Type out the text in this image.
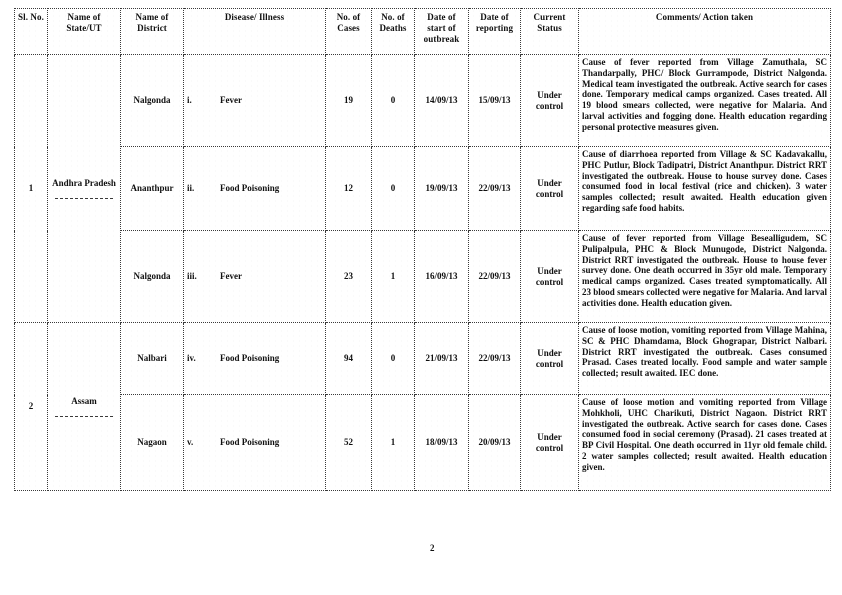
Sl. No.	Name of State/UT	Name of District	Disease/ Illness	No. of Cases	No. of Deaths	Date of start of outbreak	Date of reporting	Current Status	Comments/ Action taken
1	Andhra Pradesh	Nalgonda	i. Fever	19	0	14/09/13	15/09/13	Under control	Cause of fever reported from Village Zamuthala, SC Thandarpally, PHC/ Block Gurrampode, District Nalgonda. Medical team investigated the outbreak. Active search for cases done. Temporary medical camps organized. Cases treated. All 19 blood smears collected, were negative for Malaria. And larval activities and fogging done. Health education regarding personal protective measures given.
		Ananthpur	ii. Food Poisoning	12	0	19/09/13	22/09/13	Under control	Cause of diarrhoea reported from Village & SC Kadavakallu, PHC Putlur, Block Tadipatri, District Ananthpur. District RRT investigated the outbreak. House to house survey done. Cases consumed food in local festival (rice and chicken). 3 water samples collected; result awaited. Health education given regarding safe food habits.
		Nalgonda	iii. Fever	23	1	16/09/13	22/09/13	Under control	Cause of fever reported from Village Besealligudem, SC Pulipalpula, PHC & Block Munugode, District Nalgonda. District RRT investigated the outbreak. House to house fever survey done. One death occurred in 35yr old male. Temporary medical camps organized. Cases treated symptomatically. All 23 blood smears collected were negative for Malaria. And larval activities done. Health education given.
2	Assam	Nalbari	iv. Food Poisoning	94	0	21/09/13	22/09/13	Under control	Cause of loose motion, vomiting reported from Village Mahina, SC & PHC Dhamdama, Block Ghograpar, District Nalbari. District RRT investigated the outbreak. Cases consumed Prasad. Cases treated locally. Food sample and water sample collected; result awaited. IEC done.
		Nagaon	v. Food Poisoning	52	1	18/09/13	20/09/13	Under control	Cause of loose motion and vomiting reported from Village Mohkholi, UHC Charikuti, District Nagaon. District RRT investigated the outbreak. Active search for cases done. Cases consumed food in social ceremony (Prasad). 21 cases treated at BP Civil Hospital. One death occurred in 11yr old female child. 2 water samples collected; result awaited. Health education given.
2
